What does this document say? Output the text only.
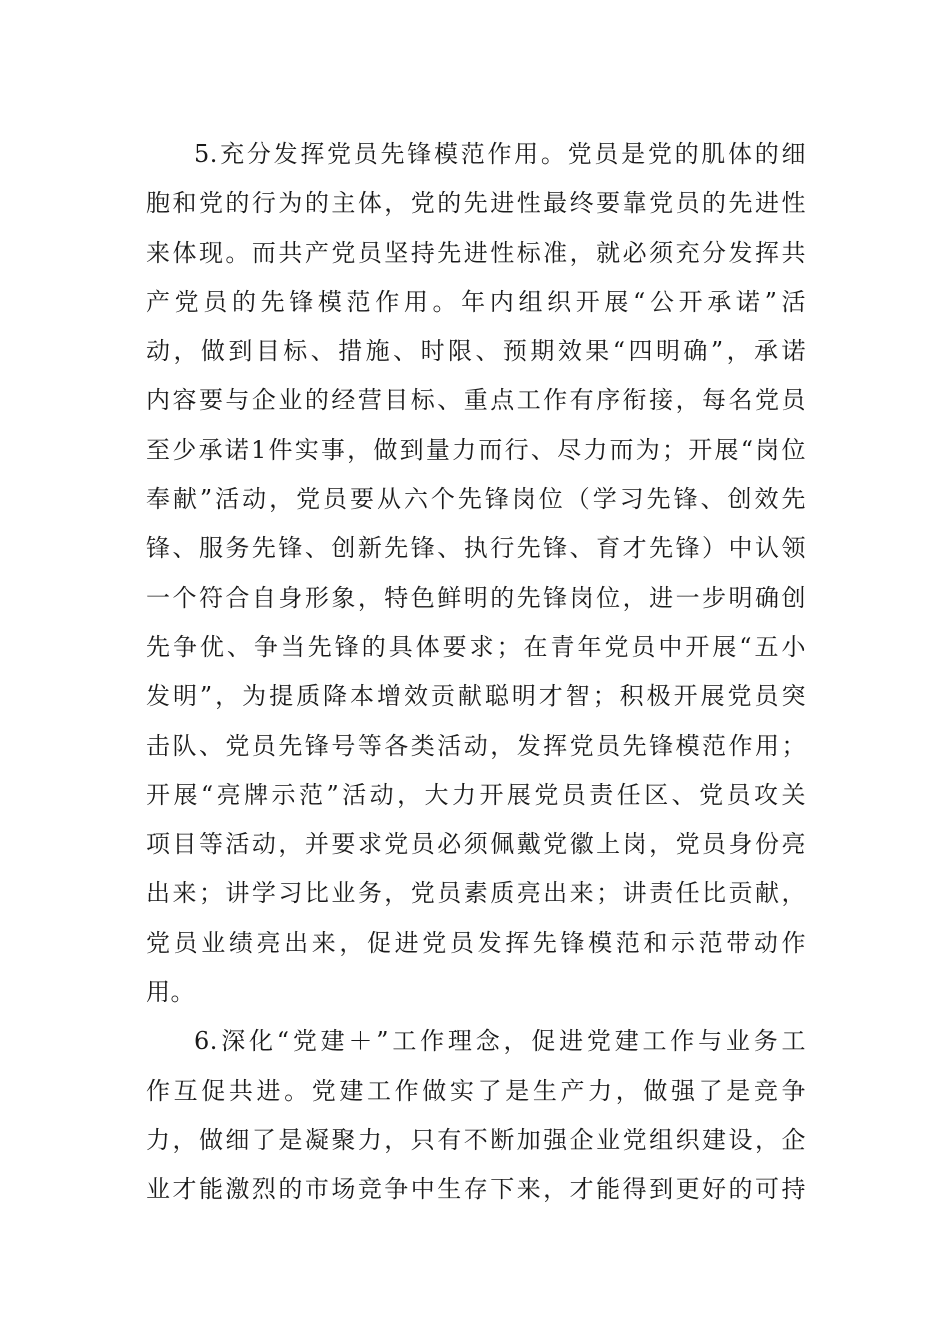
5.充分发挥党员先锋模范作用。党员是党的肌体的细
胞和党的行为的主体，党的先进性最终要靠党员的先进性
来体现。而共产党员坚持先进性标准，就必须充分发挥共
产党员的先锋模范作用。年内组织开展“公开承诺”活
动，做到目标、措施、时限、预期效果“四明确”，承诺
内容要与企业的经营目标、重点工作有序衔接，每名党员
至少承诺1件实事，做到量力而行、尽力而为；开展“岗位
奉献”活动，党员要从六个先锋岗位（学习先锋、创效先
锋、服务先锋、创新先锋、执行先锋、育才先锋）中认领
一个符合自身形象，特色鲜明的先锋岗位，进一步明确创
先争优、争当先锋的具体要求；在青年党员中开展“五小
发明”，为提质降本增效贡献聪明才智；积极开展党员突
击队、党员先锋号等各类活动，发挥党员先锋模范作用；
开展“亮牌示范”活动，大力开展党员责任区、党员攻关
项目等活动，并要求党员必须佩戴党徽上岗，党员身份亮
出来；讲学习比业务，党员素质亮出来；讲责任比贡献，
党员业绩亮出来，促进党员发挥先锋模范和示范带动作
用。
6.深化“党建＋”工作理念，促进党建工作与业务工
作互促共进。党建工作做实了是生产力，做强了是竞争
力，做细了是凝聚力，只有不断加强企业党组织建设，企
业才能激烈的市场竞争中生存下来，才能得到更好的可持
